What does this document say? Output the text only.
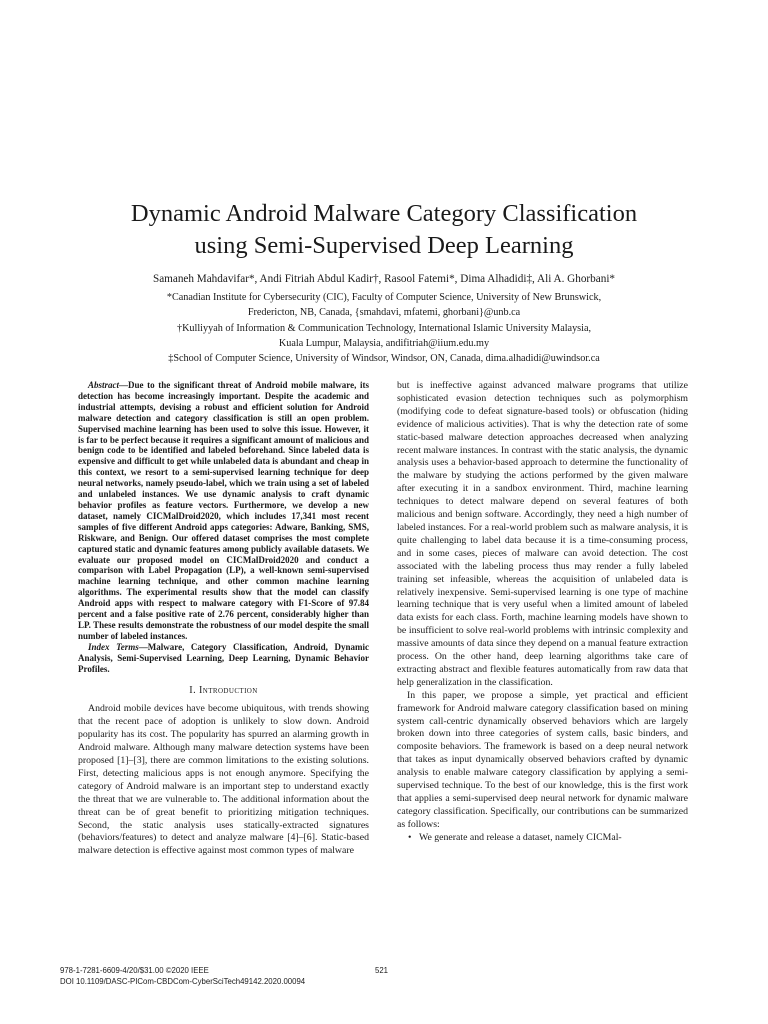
Dynamic Android Malware Category Classification
using Semi-Supervised Deep Learning
Samaneh Mahdavifar*, Andi Fitriah Abdul Kadir†, Rasool Fatemi*, Dima Alhadidi‡, Ali A. Ghorbani*
*Canadian Institute for Cybersecurity (CIC), Faculty of Computer Science, University of New Brunswick,
Fredericton, NB, Canada, {smahdavi, mfatemi, ghorbani}@unb.ca
†Kulliyyah of Information & Communication Technology, International Islamic University Malaysia,
Kuala Lumpur, Malaysia, andifitriah@iium.edu.my
‡School of Computer Science, University of Windsor, Windsor, ON, Canada, dima.alhadidi@uwindsor.ca

Abstract—Due to the significant threat of Android mobile malware, its detection has become increasingly important. Despite the academic and industrial attempts, devising a robust and efficient solution for Android malware detection and category classification is still an open problem. Supervised machine learning has been used to solve this issue. However, it is far to be perfect because it requires a significant amount of malicious and benign code to be identified and labeled beforehand. Since labeled data is expensive and difficult to get while unlabeled data is abundant and cheap in this context, we resort to a semi-supervised learning technique for deep neural networks, namely pseudo-label, which we train using a set of labeled and unlabeled instances. We use dynamic analysis to craft dynamic behavior profiles as feature vectors. Furthermore, we develop a new dataset, namely CICMalDroid2020, which includes 17,341 most recent samples of five different Android apps categories: Adware, Banking, SMS, Riskware, and Benign. Our offered dataset comprises the most complete captured static and dynamic features among publicly available datasets. We evaluate our proposed model on CICMalDroid2020 and conduct a comparison with Label Propagation (LP), a well-known semi-supervised machine learning technique, and other common machine learning algorithms. The experimental results show that the model can classify Android apps with respect to malware category with F1-Score of 97.84 percent and a false positive rate of 2.76 percent, considerably higher than LP. These results demonstrate the robustness of our model despite the small number of labeled instances.

Index Terms—Malware, Category Classification, Android, Dynamic Analysis, Semi-Supervised Learning, Deep Learning, Dynamic Behavior Profiles.

I. Introduction

Android mobile devices have become ubiquitous, with trends showing that the recent pace of adoption is unlikely to slow down. Android popularity has its cost. The popularity has spurred an alarming growth in Android malware. Although many malware detection systems have been proposed [1]–[3], there are common limitations to the existing solutions. First, detecting malicious apps is not enough anymore. Specifying the category of Android malware is an important step to understand exactly the threat that we are vulnerable to. The additional information about the threat can be of great benefit to prioritizing mitigation techniques. Second, the static analysis uses statically-extracted signatures (behaviors/features) to detect and analyze malware [4]–[6]. Static-based malware detection is effective against most common types of malware

but is ineffective against advanced malware programs that utilize sophisticated evasion detection techniques such as polymorphism (modifying code to defeat signature-based tools) or obfuscation (hiding evidence of malicious activities). That is why the detection rate of some static-based malware detection approaches decreased when analyzing recent malware instances. In contrast with the static analysis, the dynamic analysis uses a behavior-based approach to determine the functionality of the malware by studying the actions performed by the given malware after executing it in a sandbox environment. Third, machine learning techniques to detect malware depend on several features of both malicious and benign software. Accordingly, they need a high number of labeled instances. For a real-world problem such as malware analysis, it is quite challenging to label data because it is a time-consuming process, and in some cases, pieces of malware can avoid detection. The cost associated with the labeling process thus may render a fully labeled training set infeasible, whereas the acquisition of unlabeled data is relatively inexpensive. Semi-supervised learning is one type of machine learning technique that is very useful when a limited amount of labeled data exists for each class. Forth, machine learning models have shown to be insufficient to solve real-world problems with intrinsic complexity and massive amounts of data since they depend on a manual feature extraction process. On the other hand, deep learning algorithms take care of extracting abstract and flexible features automatically from raw data that help generalization in the classification.

In this paper, we propose a simple, yet practical and efficient framework for Android malware category classification based on mining system call-centric dynamically observed behaviors which are largely broken down into three categories of system calls, basic binders, and composite behaviors. The framework is based on a deep neural network that takes as input dynamically observed behaviors crafted by dynamic analysis to enable malware category classification by applying a semi-supervised technique. To the best of our knowledge, this is the first work that applies a semi-supervised deep neural network for dynamic malware category classification. Specifically, our contributions can be summarized as follows:

• We generate and release a dataset, namely CICMal-

978-1-7281-6609-4/20/$31.00 ©2020 IEEE
DOI 10.1109/DASC-PICom-CBDCom-CyberSciTech49142.2020.00094
521
